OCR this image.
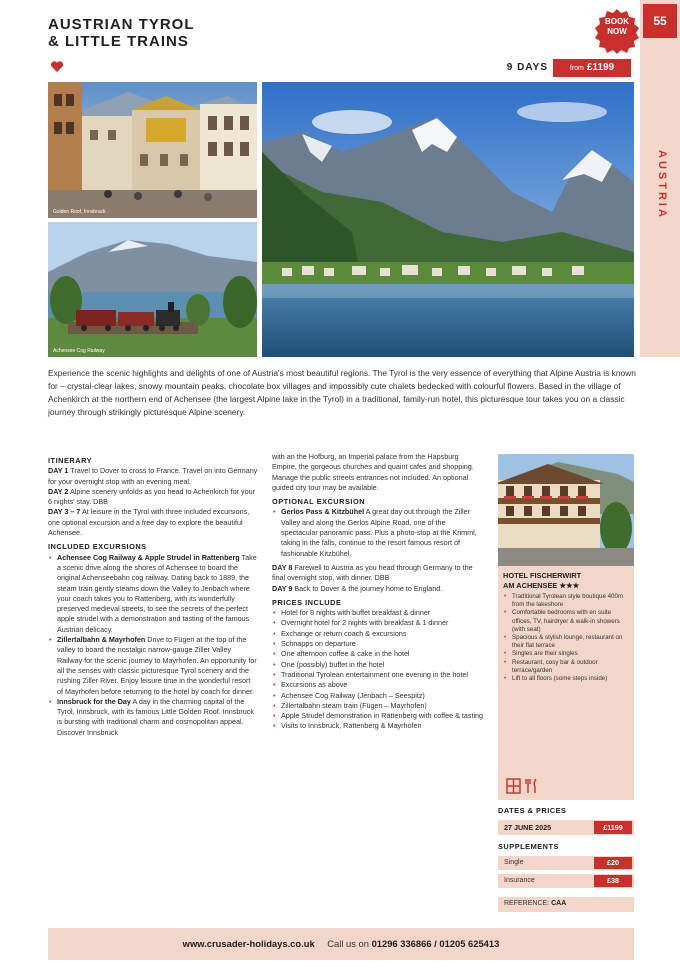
55
AUSTRIA
AUSTRIAN TYROL
& LITTLE TRAINS
BOOK
NOW
9 DAYS	from £1199
Golden Roof, Innsbruck
Achensee Cog Railway
Experience the scenic highlights and delights of one of Austria's most beautiful regions. The Tyrol is the very essence of everything that Alpine Austria is known for – crystal-clear lakes, snowy mountain peaks, chocolate box villages and impossibly cute chalets bedecked with colourful flowers. Based in the village of Achenkirch at the northern end of Achensee (the largest Alpine lake in the Tyrol) in a traditional, family-run hotel, this picturesque tour takes you on a classic journey through strikingly picturesque Alpine scenery.

ITINERARY

DAY 1 Travel to Dover to cross to France. Travel on into Germany for your overnight stop with an evening meal.

DAY 2 Alpine scenery unfolds as you head to Achenkirch for your 6 nights' stay. DBB

DAY 3 – 7 At leisure in the Tyrol with three included excursions, one optional excursion and a free day to explore the beautiful Achensee.

INCLUDED EXCURSIONS

• Achensee Cog Railway & Apple Strudel in Rattenberg Take a scenic drive along the shores of Achensee to board the original Achenseebahn cog railway. Dating back to 1889, the steam train gently steams down the Valley to Jenbach where your coach takes you to Rattenberg, with its wonderfully preserved medieval streets, to see the secrets of the perfect apple strudel with a demonstration and tasting of the famous Austrian delicacy.

• Zillertalbahn & Mayrhofen Drive to Fügen at the top of the valley to board the nostalgic narrow-gauge Ziller Valley Railway for the scenic journey to Mayrhofen. An opportunity for all the senses with classic picturesque Tyrol scenery and the rushing Ziller River. Enjoy leisure time in the wonderful resort of Mayrhofen before returning to the hotel by coach for dinner.

• Innsbruck for the Day A day in the charming capital of the Tyrol, Innsbruck, with its famous Little Golden Roof. Innsbruck is bursting with traditional charm and cosmopolitan appeal. Discover Innsbruck

with an the Hofburg, an Imperial palace from the Hapsburg Empire, the gorgeous churches and quaint cafes and shopping. Manage the public streets entrances not included. An optional guided city tour may be available.

OPTIONAL EXCURSION

• Gerlos Pass & Kitzbühel A great day out through the Ziller Valley and along the Gerlos Alpine Road, one of the spectacular panoramic pass. Plus a photo-stop at the Krimml, taking in the falls, continue to the resort famous resort of fashionable Kitzbühel.

DAY 8 Farewell to Austria as you head through Germany to the final overnight stop, with dinner. DBB

DAY 9 Back to Dover & the journey home to England.

PRICES INCLUDE

• Hotel for 8 nights with buffet breakfast & dinner

• Overnight hotel for 2 nights with breakfast & 1 dinner

• Exchange or return coach & excursions

• Schnapps on departure

• One afternoon coffee & cake in the hotel

• One (possibly) buffet in the hotel

• Traditional Tyrolean entertainment one evening in the hotel

• Excursions as above

• Achensee Cog Railway (Jenbach – Seespitz)

• Zillertalbahn steam train (Fügen – Mayrhofen)

• Apple Strudel demonstration in Rattenberg with coffee & tasting

• Visits to Innsbruck, Rattenberg & Mayrhofen

HOTEL FISCHERWIRT
AM ACHENSEE ★★★

• Traditional Tyrolean style boutique 400m from the lakeshore

• Comfortable bedrooms with en suite offices, TV, hairdryer & walk-in showers (with seat)

• Spacious & stylish lounge, restaurant on their flat terrace

• Singles are their singles

• Restaurant, cosy bar & outdoor terrace/garden

• Lift to all floors (some steps inside)

DATES & PRICES
27 JUNE 2025	£1199
SUPPLEMENTS
Single	£20
Insurance	£38
REFERENCE: CAA
www.crusader-holidays.co.uk Call us on 01296 336866 / 01205 625413
